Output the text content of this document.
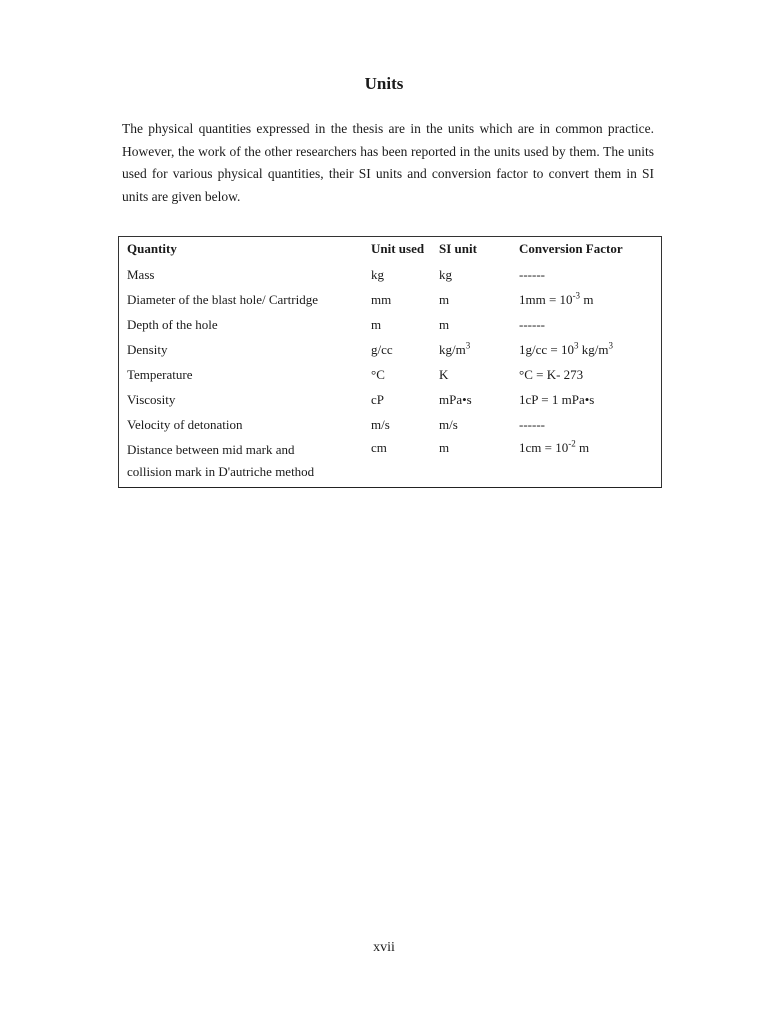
Units

The physical quantities expressed in the thesis are in the units which are in common practice. However, the work of the other researchers has been reported in the units used by them. The units used for various physical quantities, their SI units and conversion factor to convert them in SI units are given below.

Quantity	Unit used	SI unit	Conversion Factor
Mass	kg	kg	------
Diameter of the blast hole/ Cartridge	mm	m	$1mm = 10^{-3}$ m
Depth of the hole	m	m	------
Density	g/cc	$kg/m^3$	$1g/cc = 10^3$ $kg/m^3$
Temperature	°C	K	°C = K- 273
Viscosity	cP	mPa•s	1cP = 1 mPa•s
Velocity of detonation	m/s	m/s	------

Distance between mid mark and
collision mark in D'autriche method	cm	m	$1cm = 10^{-2}$ m
xvii
